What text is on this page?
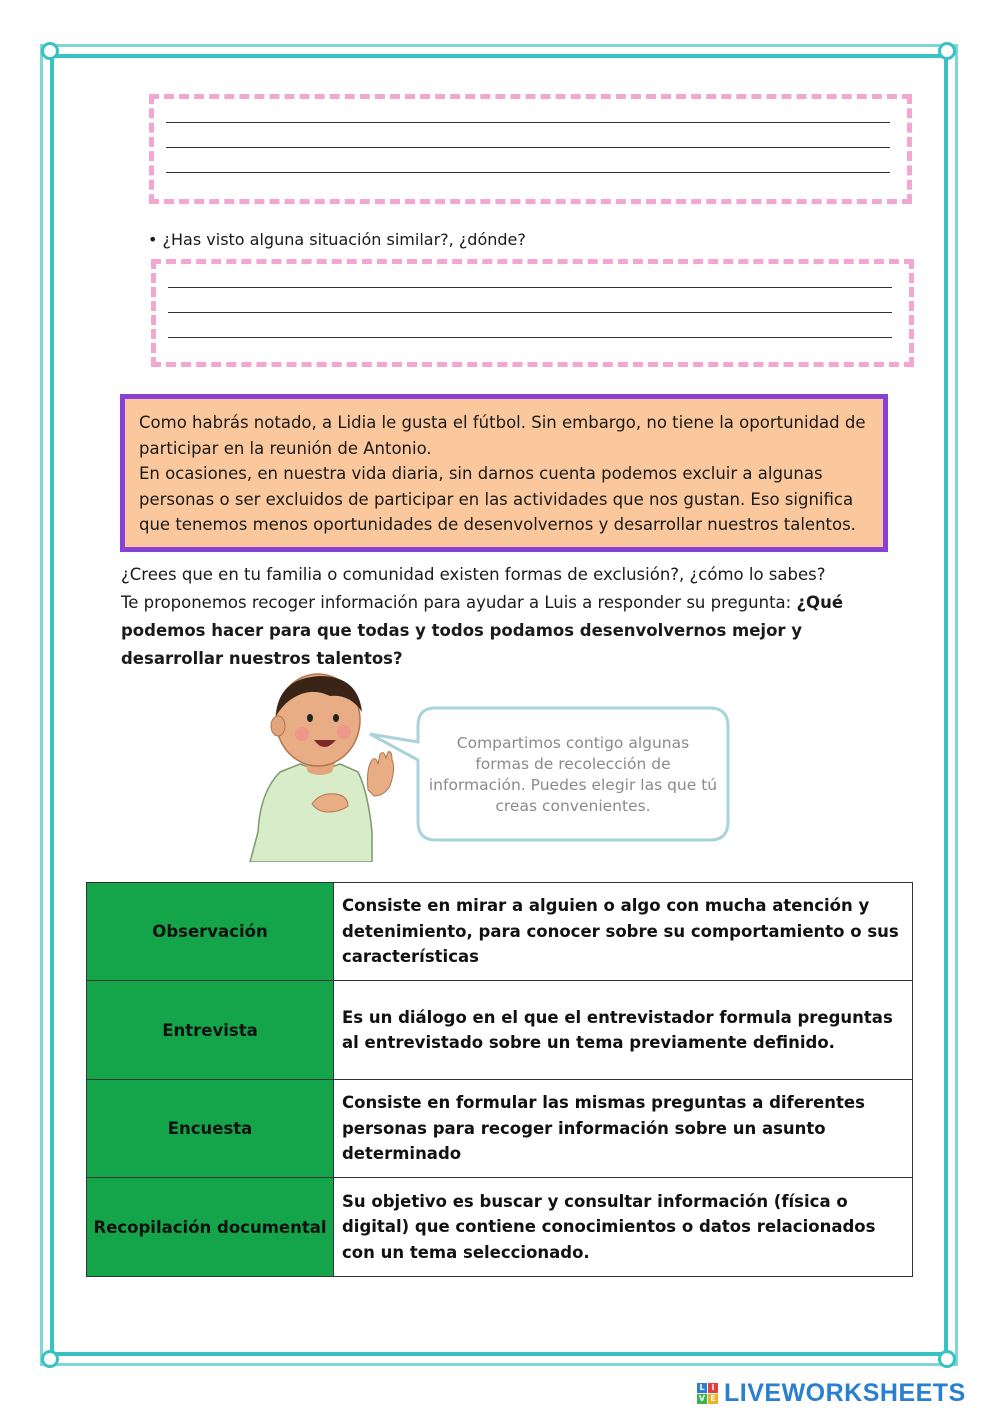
• ¿Has visto alguna situación similar?, ¿dónde?

Como habrás notado, a Lidia le gusta el fútbol. Sin embargo, no tiene la oportunidad de participar en la reunión de Antonio.

En ocasiones, en nuestra vida diaria, sin darnos cuenta podemos excluir a algunas personas o ser excluidos de participar en las actividades que nos gustan. Eso significa que tenemos menos oportunidades de desenvolvernos y desarrollar nuestros talentos.

¿Crees que en tu familia o comunidad existen formas de exclusión?, ¿cómo lo sabes?
Te proponemos recoger información para ayudar a Luis a responder su pregunta: ¿Qué podemos hacer para que todas y todos podamos desenvolvernos mejor y desarrollar nuestros talentos?
Compartimos contigo algunas formas de recolección de información. Puedes elegir las que tú creas convenientes.
Observación	Consiste en mirar a alguien o algo con mucha atención y detenimiento, para conocer sobre su comportamiento o sus características
Entrevista	Es un diálogo en el que el entrevistador formula preguntas al entrevistado sobre un tema previamente definido.
Encuesta	Consiste en formular las mismas preguntas a diferentes personas para recoger información sobre un asunto determinado
Recopilación documental	Su objetivo es buscar y consultar información (física o digital) que contiene conocimientos o datos relacionados con un tema seleccionado.
L i
V E LIVEWORKSHEETS
